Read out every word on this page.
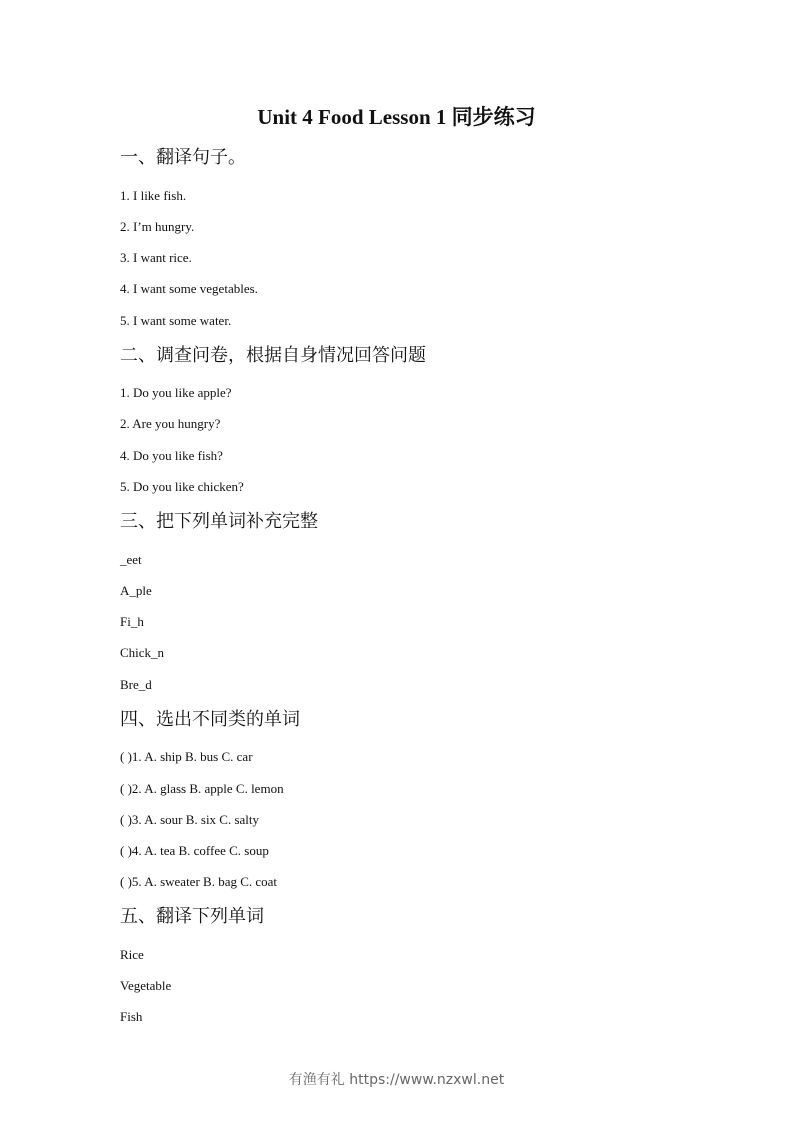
Unit 4 Food Lesson 1 同步练习
一、翻译句子。
1. I like fish.
2. I’m hungry.
3. I want rice.
4. I want some vegetables.
5. I want some water.
二、调查问卷，根据自身情况回答问题
1. Do you like apple?
2. Are you hungry?
4. Do you like fish?
5. Do you like chicken?
三、把下列单词补充完整
_eet
A_ple
Fi_h
Chick_n
Bre_d
四、选出不同类的单词
( )1. A. ship B. bus C. car
( )2. A. glass B. apple C. lemon
( )3. A. sour B. six C. salty
( )4. A. tea B. coffee C. soup
( )5. A. sweater B. bag C. coat
五、翻译下列单词
Rice
Vegetable
Fish
有渔有礼 https://www.nzxwl.net
